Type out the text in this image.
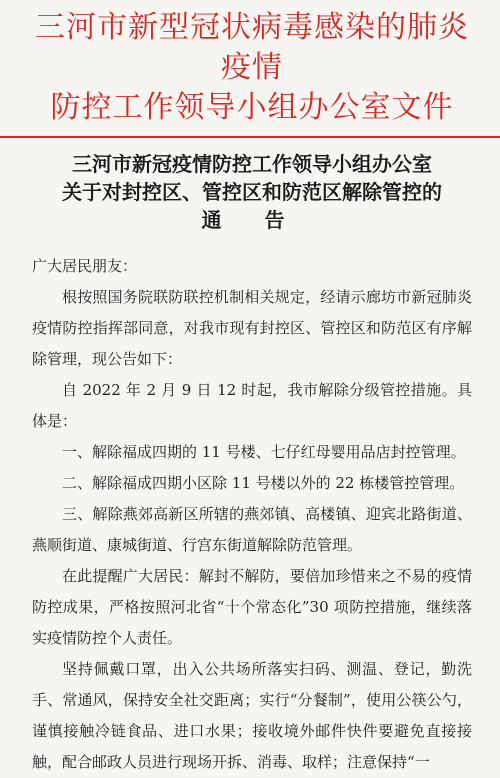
三河市新型冠状病毒感染的肺炎疫情
防控工作领导小组办公室文件
三河市新冠疫情防控工作领导小组办公室
关于对封控区、管控区和防范区解除管控的
通 告
广大居民朋友：

根按照国务院联防联控机制相关规定，经请示廊坊市新冠肺炎疫情防控指挥部同意，对我市现有封控区、管控区和防范区有序解除管理，现公告如下：

自 2022 年 2 月 9 日 12 时起，我市解除分级管控措施。具体是：

一、解除福成四期的 11 号楼、七仔红母婴用品店封控管理。

二、解除福成四期小区除 11 号楼以外的 22 栋楼管控管理。

三、解除燕郊高新区所辖的燕郊镇、高楼镇、迎宾北路街道、燕顺街道、康城街道、行宫东街道解除防范管理。

在此提醒广大居民：解封不解防，要倍加珍惜来之不易的疫情防控成果，严格按照河北省“十个常态化”30 项防控措施，继续落实疫情防控个人责任。

坚持佩戴口罩，出入公共场所落实扫码、测温、登记，勤洗手、常通风，保持安全社交距离；实行“分餐制”，使用公筷公勺，谨慎接触冷链食品、进口水果；接收境外邮件快件要避免直接接触，配合邮政人员进行现场开拆、消毒、取样；注意保持“一
